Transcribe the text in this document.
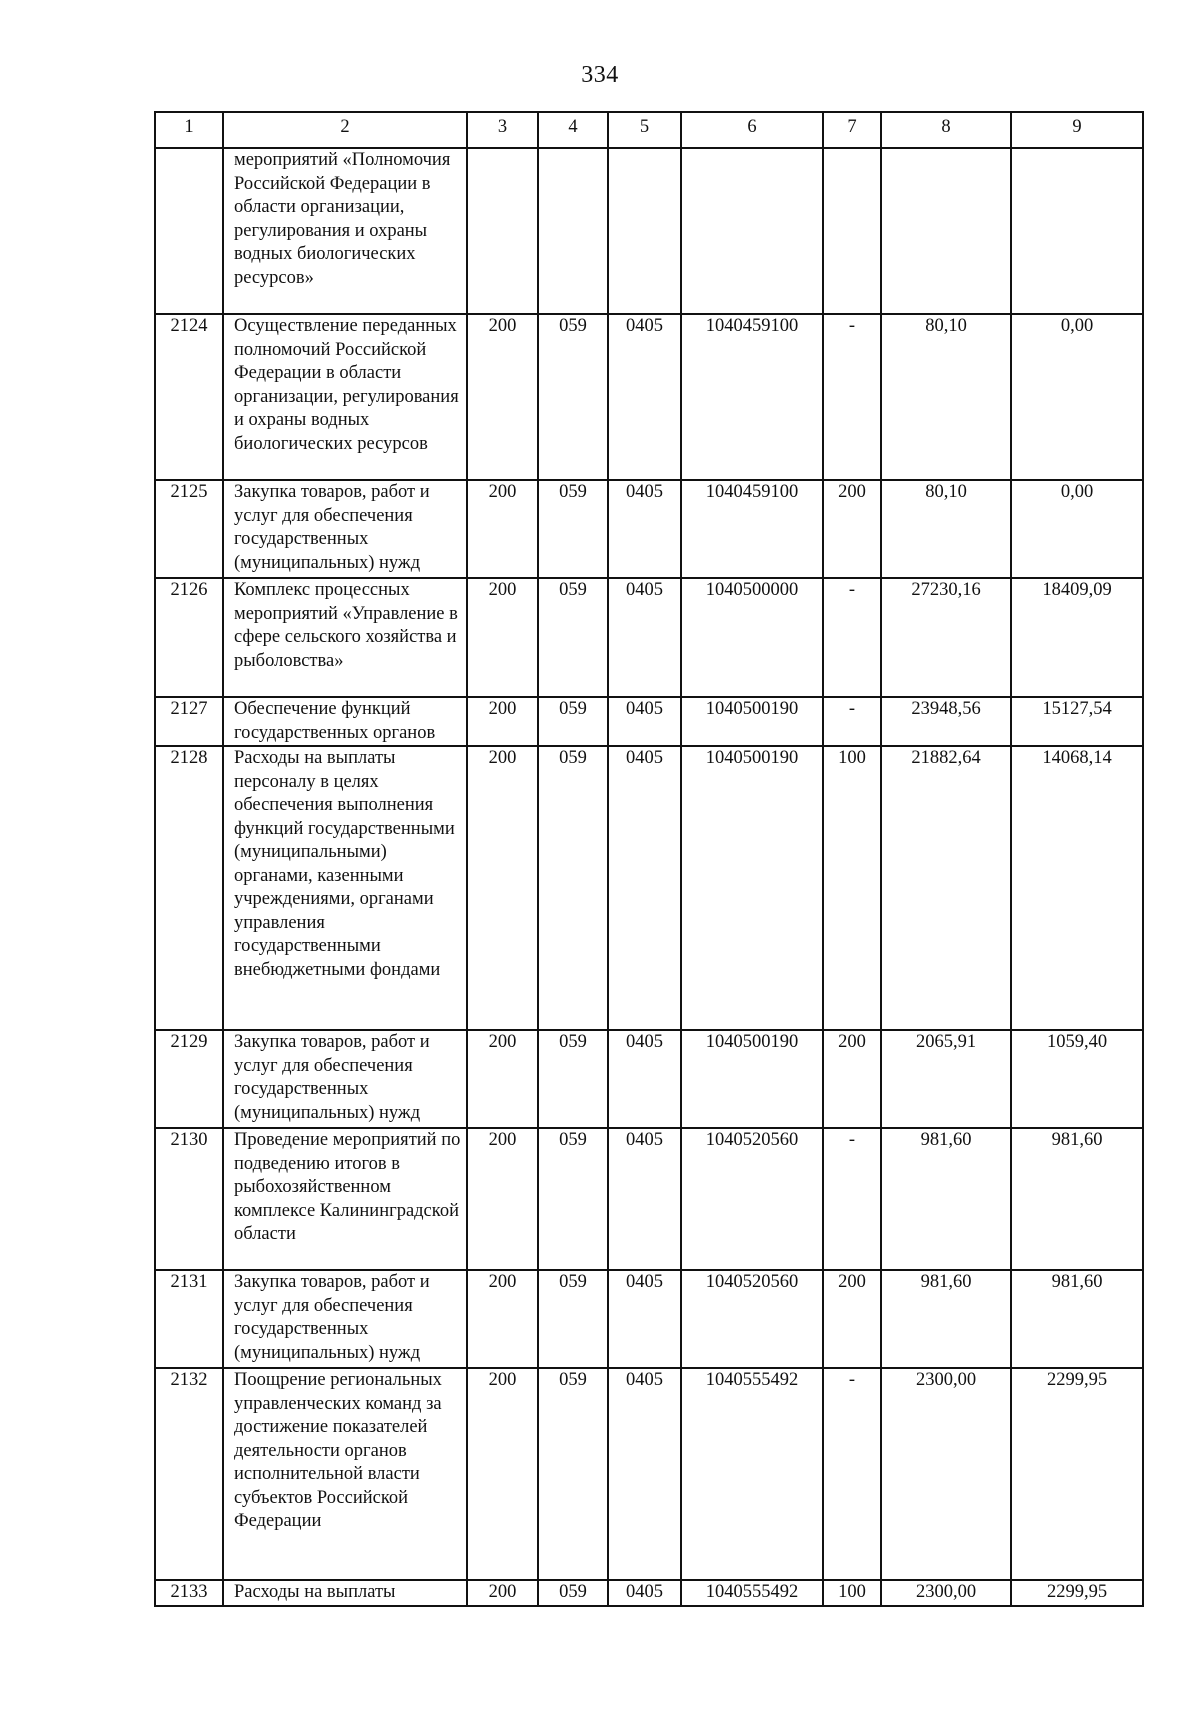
334
1	2	3	4	5	6	7	8	9
	мероприятий «Полномочия Российской Федерации в области организации, регулирования и охраны водных биологических ресурсов»							
2124	Осуществление переданных полномочий Российской Федерации в области организации, регулирования и охраны водных биологических ресурсов	200	059	0405	1040459100	-	80,10	0,00
2125	Закупка товаров, работ и услуг для обеспечения государственных (муниципальных) нужд	200	059	0405	1040459100	200	80,10	0,00
2126	Комплекс процессных мероприятий «Управление в сфере сельского хозяйства и рыболовства»	200	059	0405	1040500000	-	27230,16	18409,09
2127	Обеспечение функций государственных органов	200	059	0405	1040500190	-	23948,56	15127,54
2128	Расходы на выплаты персоналу в целях обеспечения выполнения функций государственными (муниципальными) органами, казенными учреждениями, органами управления государственными внебюджетными фондами	200	059	0405	1040500190	100	21882,64	14068,14
2129	Закупка товаров, работ и услуг для обеспечения государственных (муниципальных) нужд	200	059	0405	1040500190	200	2065,91	1059,40
2130	Проведение мероприятий по подведению итогов в рыбохозяйственном комплексе Калининградской области	200	059	0405	1040520560	-	981,60	981,60
2131	Закупка товаров, работ и услуг для обеспечения государственных (муниципальных) нужд	200	059	0405	1040520560	200	981,60	981,60
2132	Поощрение региональных управленческих команд за достижение показателей деятельности органов исполнительной власти субъектов Российской Федерации	200	059	0405	1040555492	-	2300,00	2299,95
2133	Расходы на выплаты	200	059	0405	1040555492	100	2300,00	2299,95
